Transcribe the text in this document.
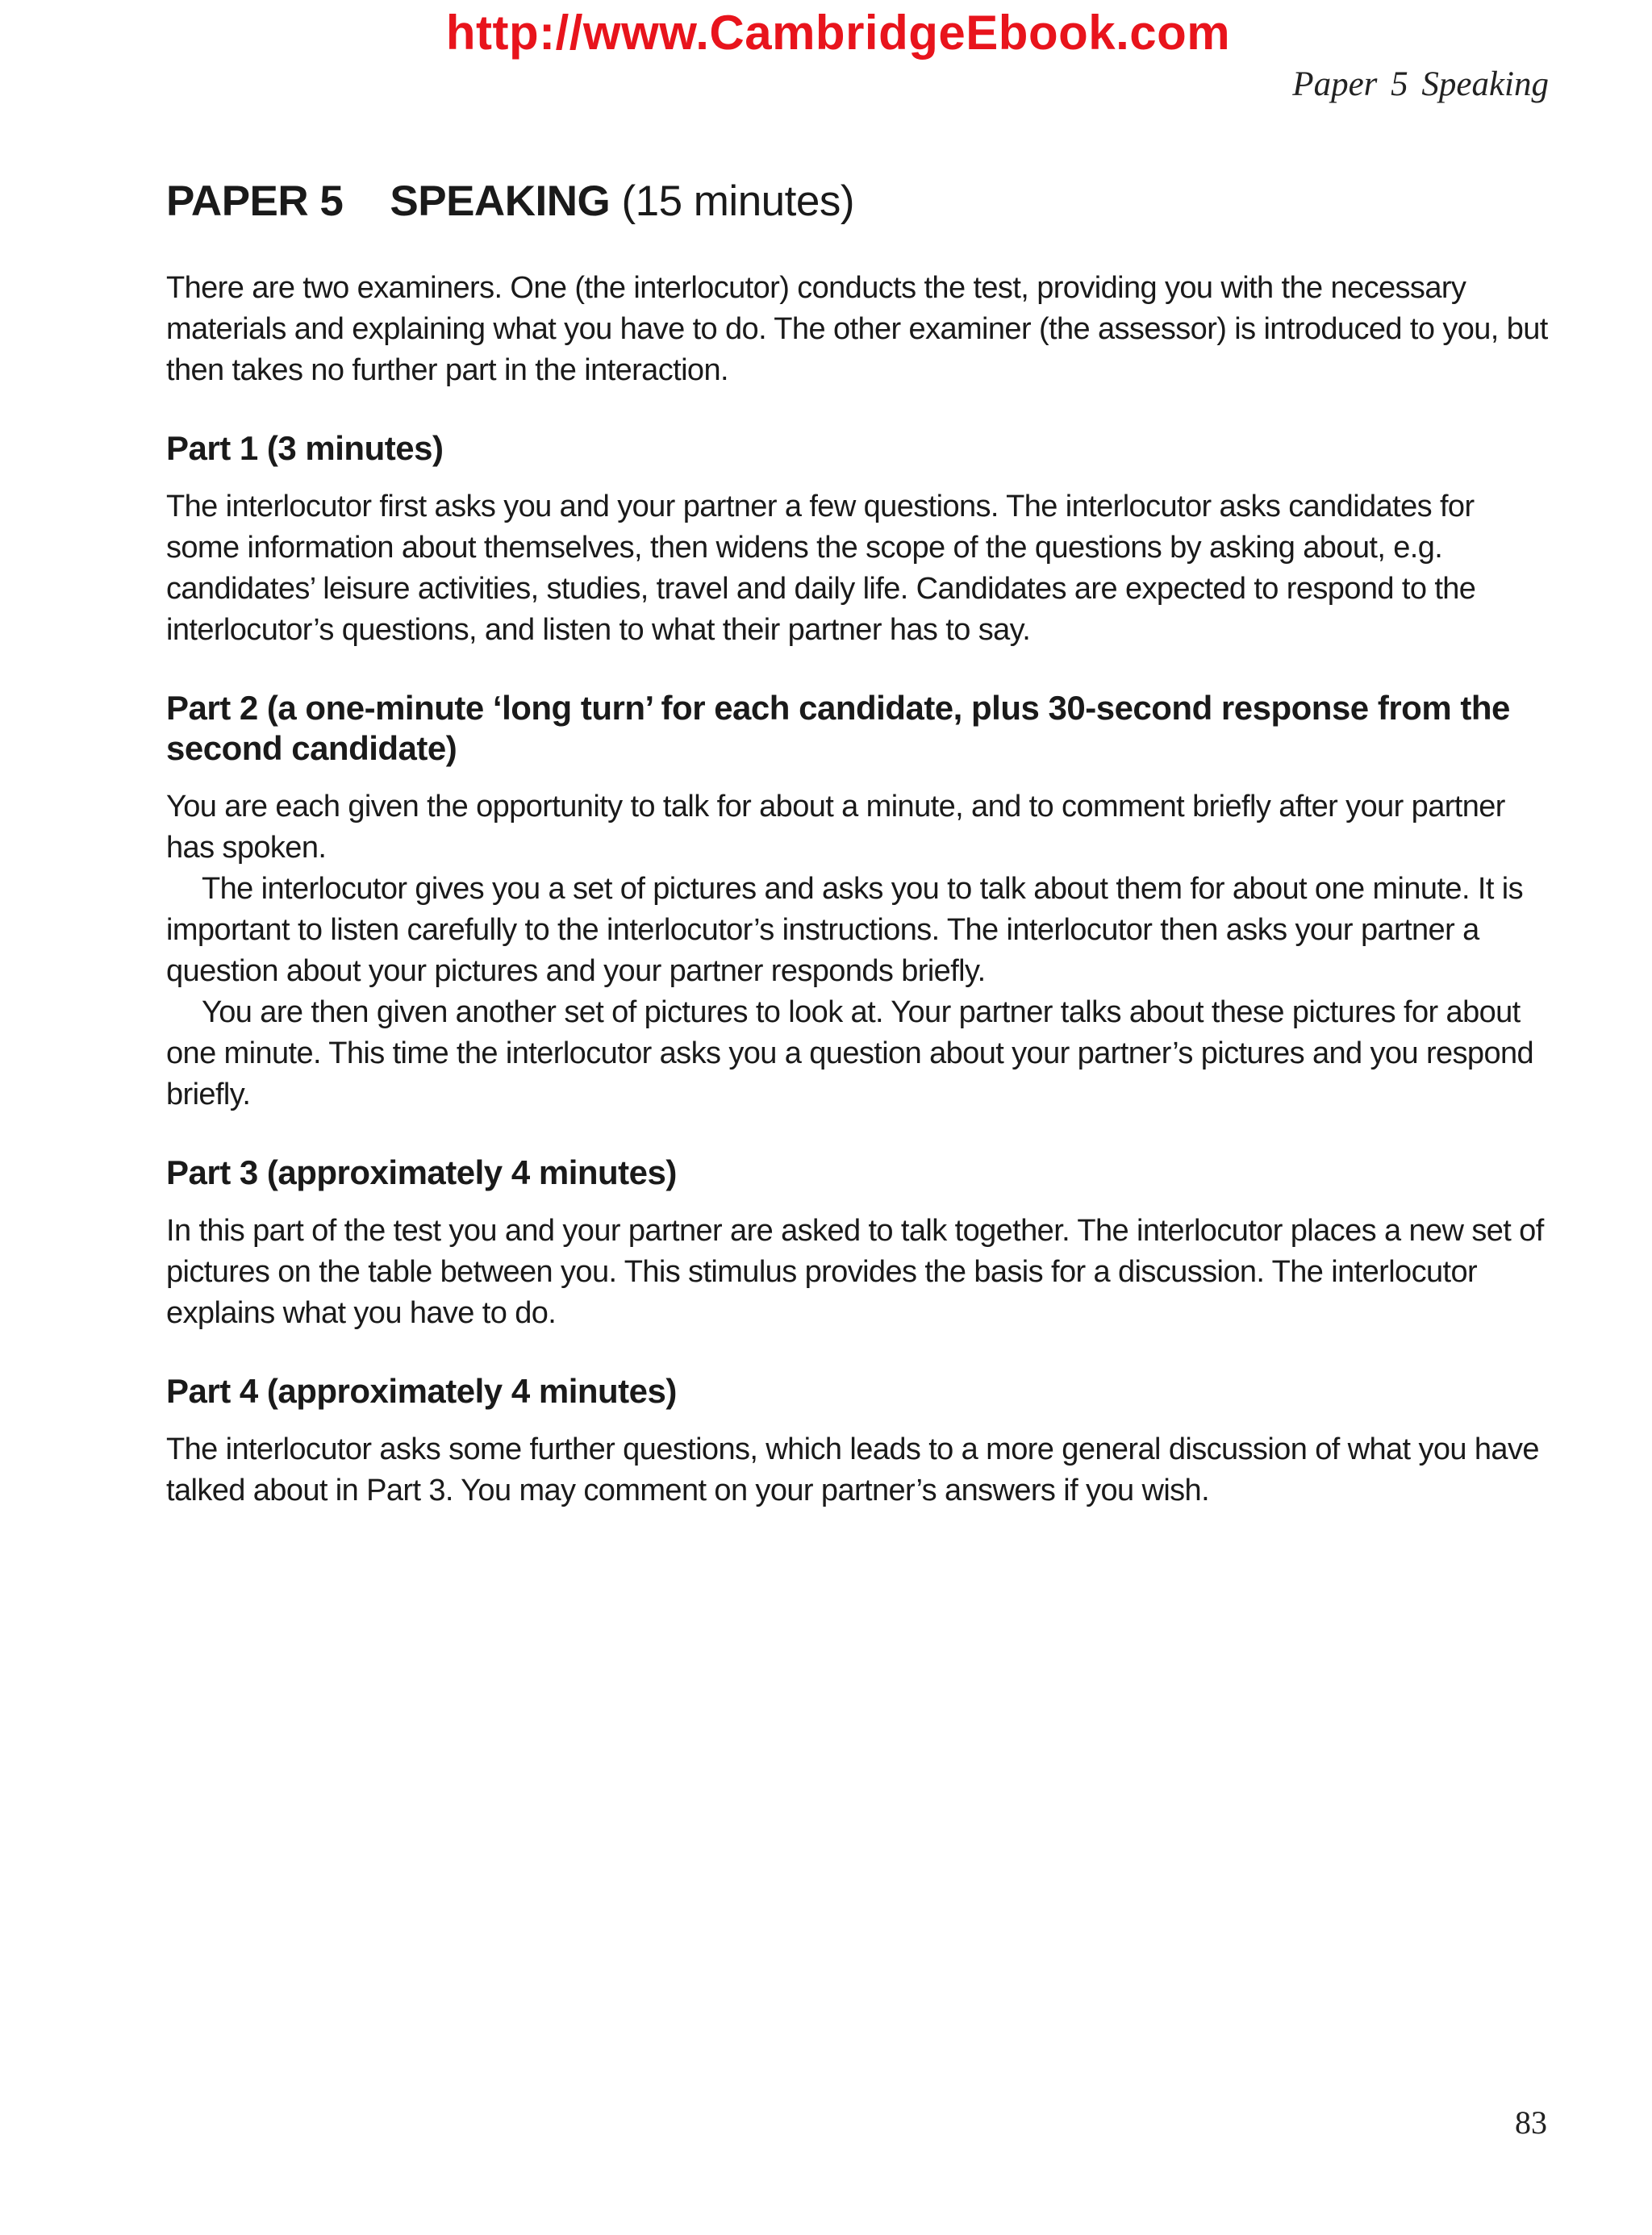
http://www.CambridgeEbook.com
Paper 5 Speaking
PAPER 5 SPEAKING (15 minutes)

There are two examiners. One (the interlocutor) conducts the test, providing you with the necessary materials and explaining what you have to do. The other examiner (the assessor) is introduced to you, but then takes no further part in the interaction.

Part 1 (3 minutes)

The interlocutor first asks you and your partner a few questions. The interlocutor asks candidates for some information about themselves, then widens the scope of the questions by asking about, e.g. candidates’ leisure activities, studies, travel and daily life. Candidates are expected to respond to the interlocutor’s questions, and listen to what their partner has to say.

Part 2 (a one-minute ‘long turn’ for each candidate, plus 30-second response from the second candidate)

You are each given the opportunity to talk for about a minute, and to comment briefly after your partner has spoken.

The interlocutor gives you a set of pictures and asks you to talk about them for about one minute. It is important to listen carefully to the interlocutor’s instructions. The interlocutor then asks your partner a question about your pictures and your partner responds briefly.

You are then given another set of pictures to look at. Your partner talks about these pictures for about one minute. This time the interlocutor asks you a question about your partner’s pictures and you respond briefly.

Part 3 (approximately 4 minutes)

In this part of the test you and your partner are asked to talk together. The interlocutor places a new set of pictures on the table between you. This stimulus provides the basis for a discussion. The interlocutor explains what you have to do.

Part 4 (approximately 4 minutes)

The interlocutor asks some further questions, which leads to a more general discussion of what you have talked about in Part 3. You may comment on your partner’s answers if you wish.

83
